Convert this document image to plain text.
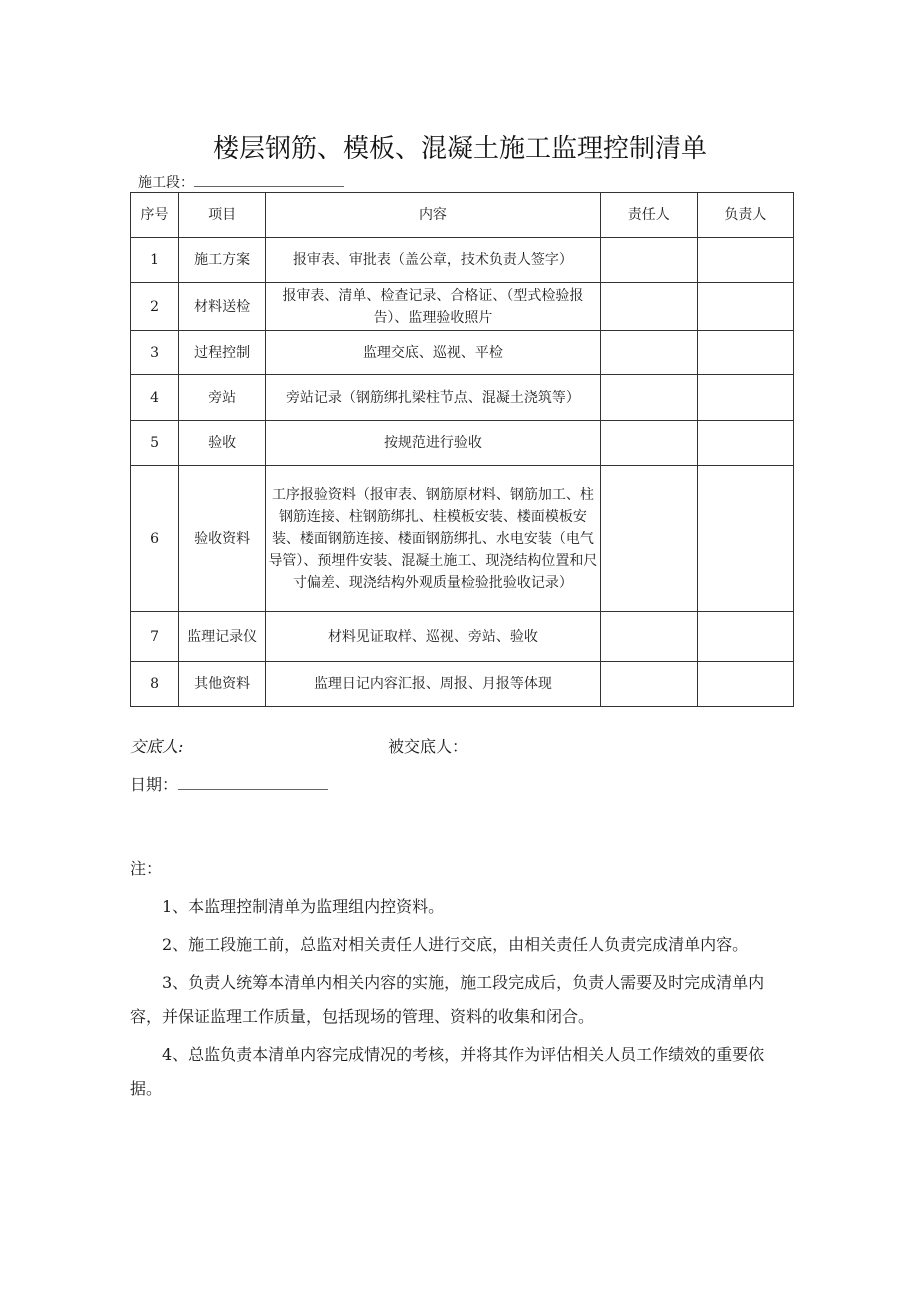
楼层钢筋、模板、混凝土施工监理控制清单
施工段：
序号	项目	内容	责任人	负责人
1	施工方案	报审表、审批表（盖公章，技术负责人签字）		
2	材料送检	报审表、清单、检查记录、合格证、（型式检验报告）、监理验收照片		
3	过程控制	监理交底、巡视、平检		
4	旁站	旁站记录（钢筋绑扎梁柱节点、混凝土浇筑等）		
5	验收	按规范进行验收		
6	验收资料	工序报验资料（报审表、钢筋原材料、钢筋加工、柱钢筋连接、柱钢筋绑扎、柱模板安装、楼面模板安装、楼面钢筋连接、楼面钢筋绑扎、水电安装（电气导管）、预埋件安装、混凝土施工、现浇结构位置和尺寸偏差、现浇结构外观质量检验批验收记录）		
7	监理记录仪	材料见证取样、巡视、旁站、验收		
8	其他资料	监理日记内容汇报、周报、月报等体现		
交底人:	被交底人：
日期：

注：

1、本监理控制清单为监理组内控资料。

2、施工段施工前，总监对相关责任人进行交底，由相关责任人负责完成清单内容。

3、负责人统筹本清单内相关内容的实施，施工段完成后，负责人需要及时完成清单内容，并保证监理工作质量，包括现场的管理、资料的收集和闭合。

4、总监负责本清单内容完成情况的考核，并将其作为评估相关人员工作绩效的重要依据。
